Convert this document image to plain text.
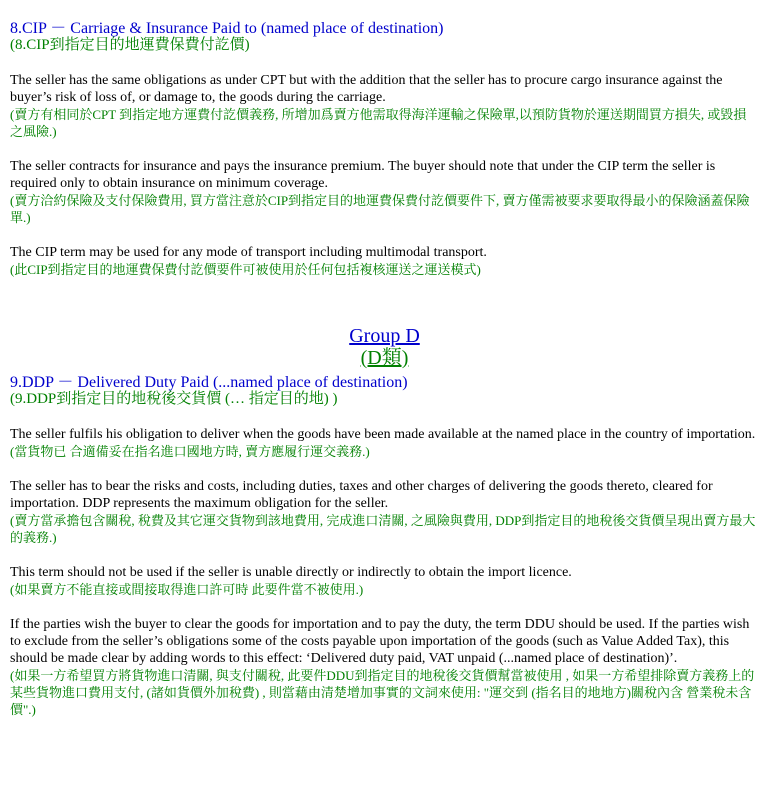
8.CIP － Carriage & Insurance Paid to (named place of destination)

(8.CIP到指定目的地運費保費付訖價)

The seller has the same obligations as under CPT but with the addition that the seller has to procure cargo insurance against the buyer’s risk of loss of, or damage to, the goods during the carriage.

(賣方有相同於CPT 到指定地方運費付訖價義務, 所增加爲賣方他需取得海洋運輸之保險單,以預防貨物於運送期間買方損失, 或毀損之風險.)

The seller contracts for insurance and pays the insurance premium. The buyer should note that under the CIP term the seller is required only to obtain insurance on minimum coverage.

(賣方洽約保險及支付保險費用, 買方當注意於CIP到指定目的地運費保費付訖價要件下, 賣方僅需被要求要取得最小的保險涵蓋保險單.)

The CIP term may be used for any mode of transport including multimodal transport.

(此CIP到指定目的地運費保費付訖價要件可被使用於任何包括複核運送之運送模式)

Group D

(D類)

9.DDP － Delivered Duty Paid (...named place of destination)

(9.DDP到指定目的地稅後交貨價 (… 指定目的地) )

The seller fulfils his obligation to deliver when the goods have been made available at the named place in the country of importation.

(當貨物已 合適備妥在指名進口國地方時, 賣方應履行運交義務.)

The seller has to bear the risks and costs, including duties, taxes and other charges of delivering the goods thereto, cleared for importation. DDP represents the maximum obligation for the seller.

(賣方當承擔包含關稅, 稅費及其它運交貨物到該地費用, 完成進口清關, 之風險與費用, DDP到指定目的地稅後交貨價呈現出賣方最大的義務.)

This term should not be used if the seller is unable directly or indirectly to obtain the import licence.

(如果賣方不能直接或間接取得進口許可時 此要件當不被使用.)

If the parties wish the buyer to clear the goods for importation and to pay the duty, the term DDU should be used. If the parties wish to exclude from the seller’s obligations some of the costs payable upon importation of the goods (such as Value Added Tax), this should be made clear by adding words to this effect: ‘Delivered duty paid, VAT unpaid (...named place of destination)’.

(如果一方希望買方將貨物進口清關, 與支付關稅, 此要件DDU到指定目的地稅後交貨價幫當被使用 , 如果一方希望排除賣方義務上的某些貨物進口費用支付, (諸如貨價外加稅費) , 則當藉由清楚增加事實的文詞來使用: "運交到 (指名目的地地方)關稅內含 營業稅未含價".)
